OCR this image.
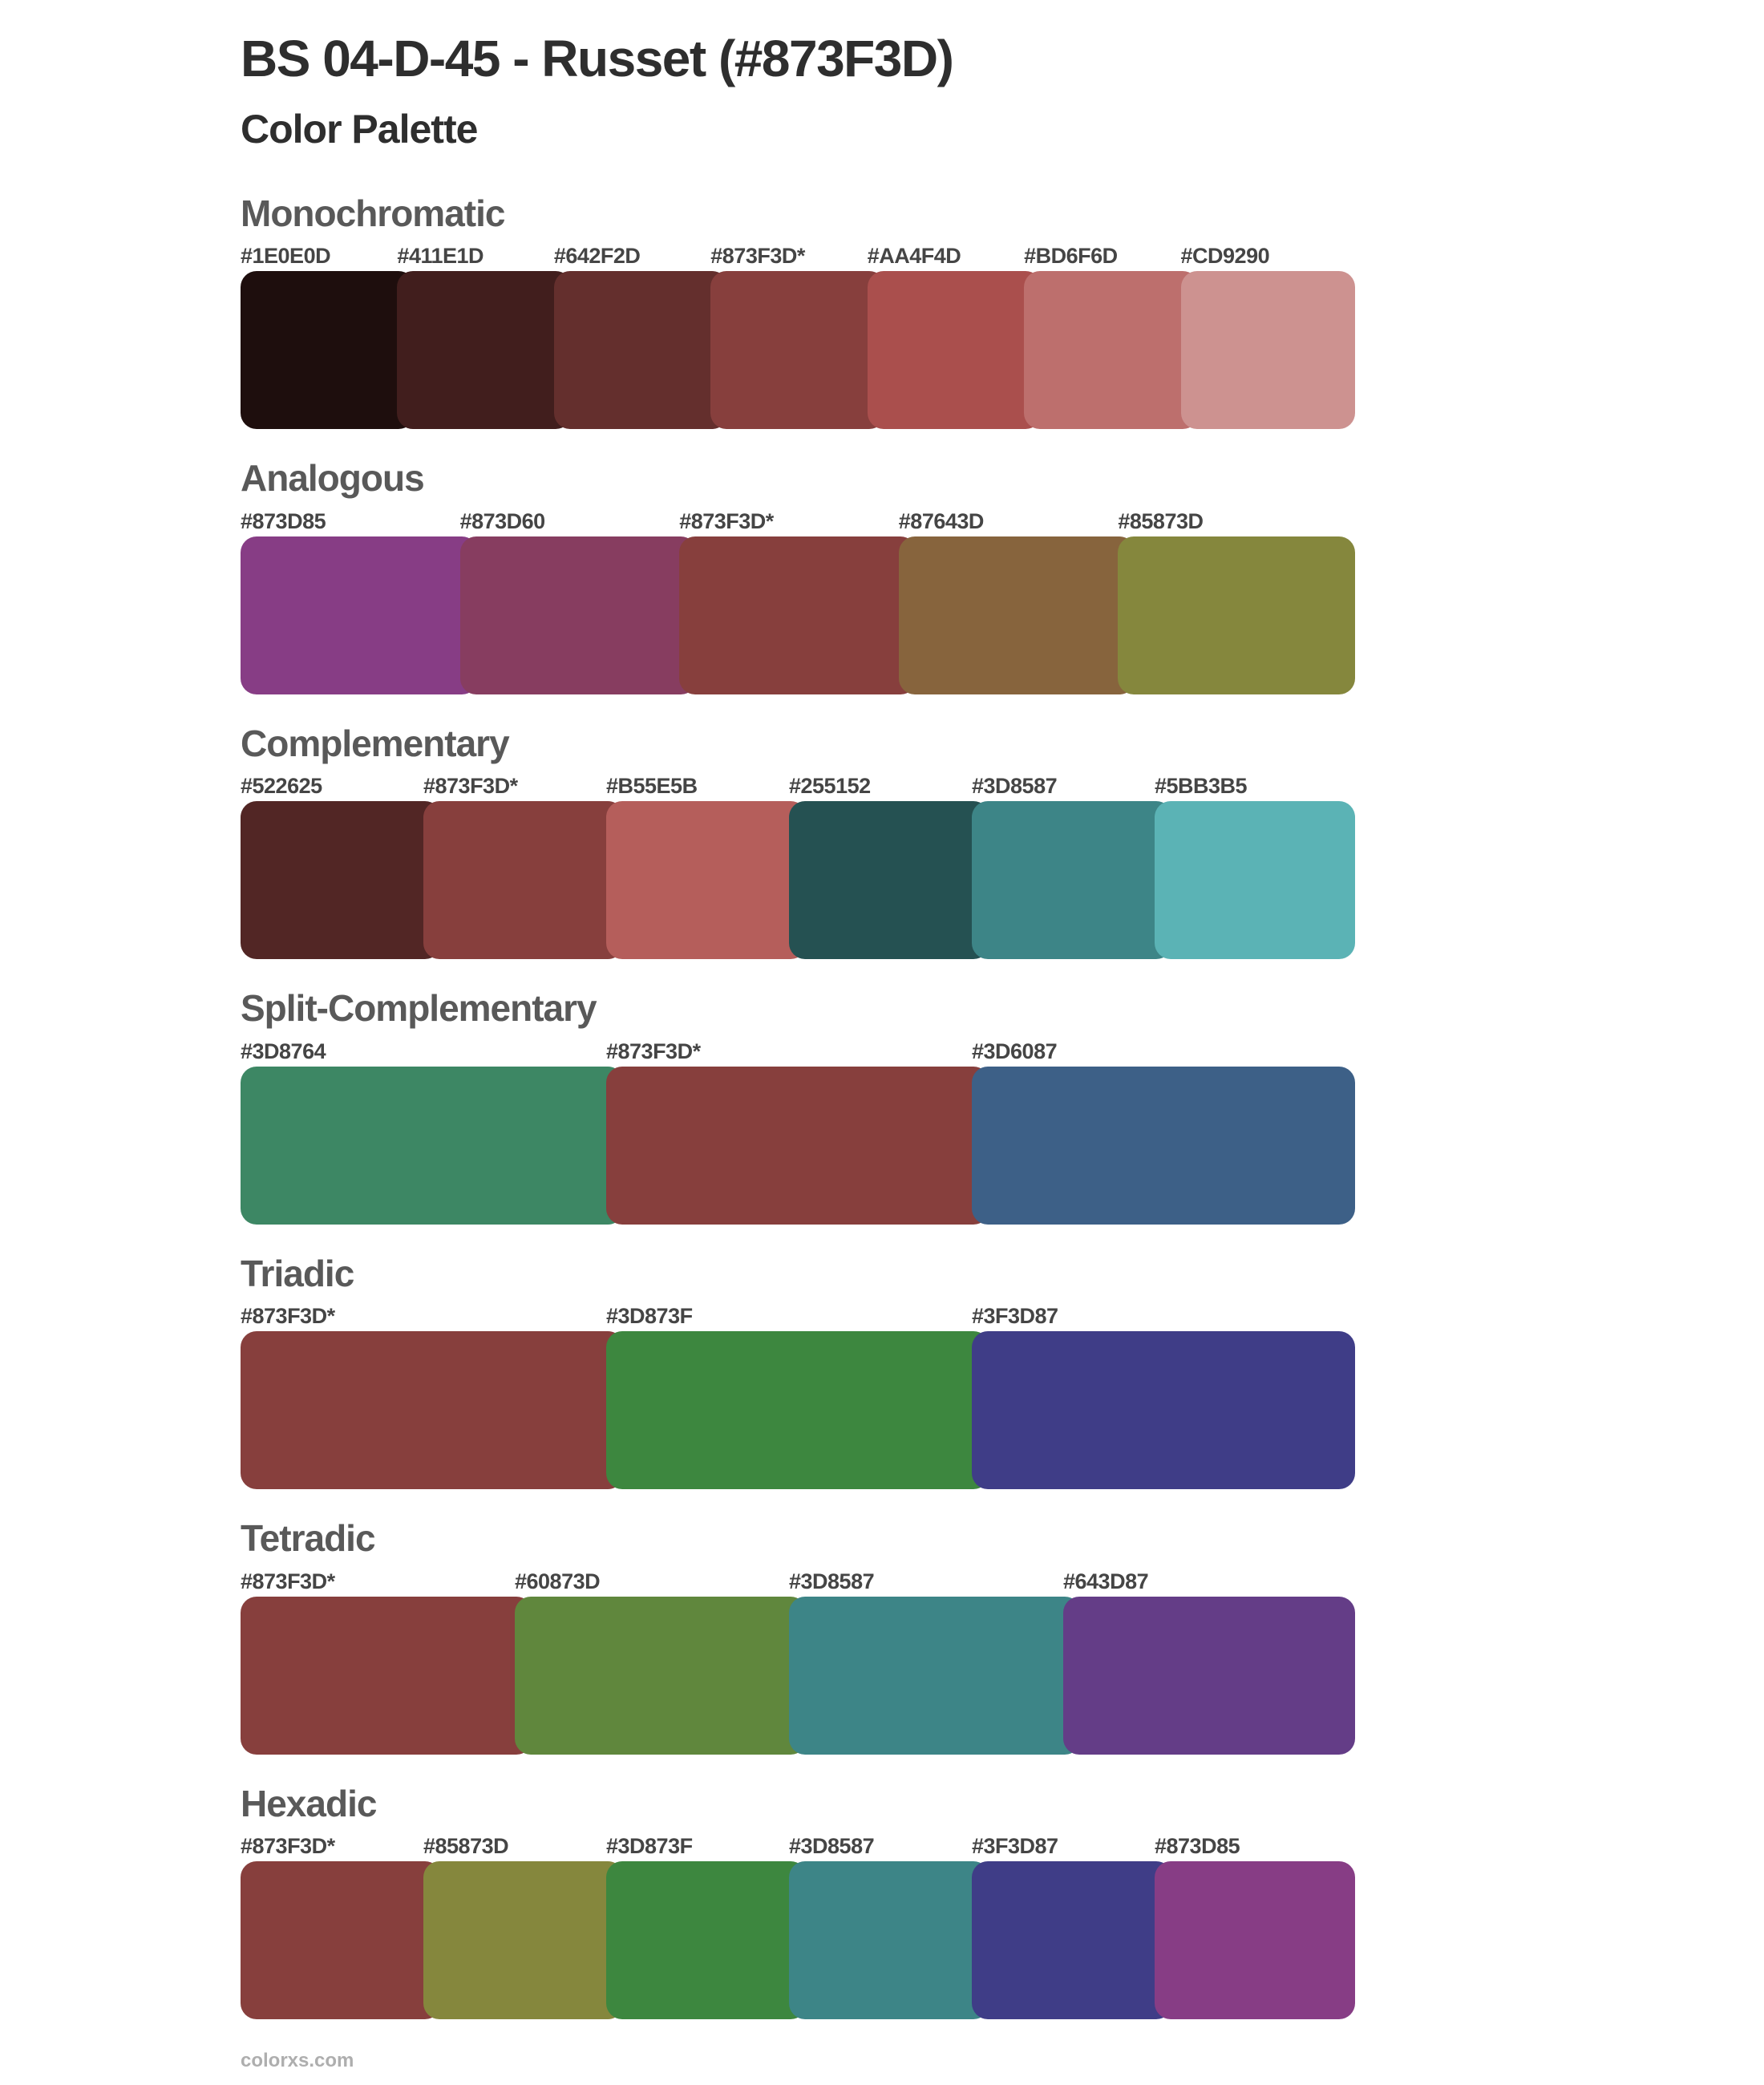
BS 04-D-45 - Russet (#873F3D)
Color Palette
Monochromatic
#1E0E0D	#411E1D	#642F2D	#873F3D*	#AA4F4D	#BD6F6D	#CD9290
Analogous
#873D85	#873D60	#873F3D*	#87643D	#85873D
Complementary
#522625	#873F3D*	#B55E5B	#255152	#3D8587	#5BB3B5
Split-Complementary
#3D8764	#873F3D*	#3D6087
Triadic
#873F3D*	#3D873F	#3F3D87
Tetradic
#873F3D*	#60873D	#3D8587	#643D87
Hexadic
#873F3D*	#85873D	#3D873F	#3D8587	#3F3D87	#873D85
colorxs.com
